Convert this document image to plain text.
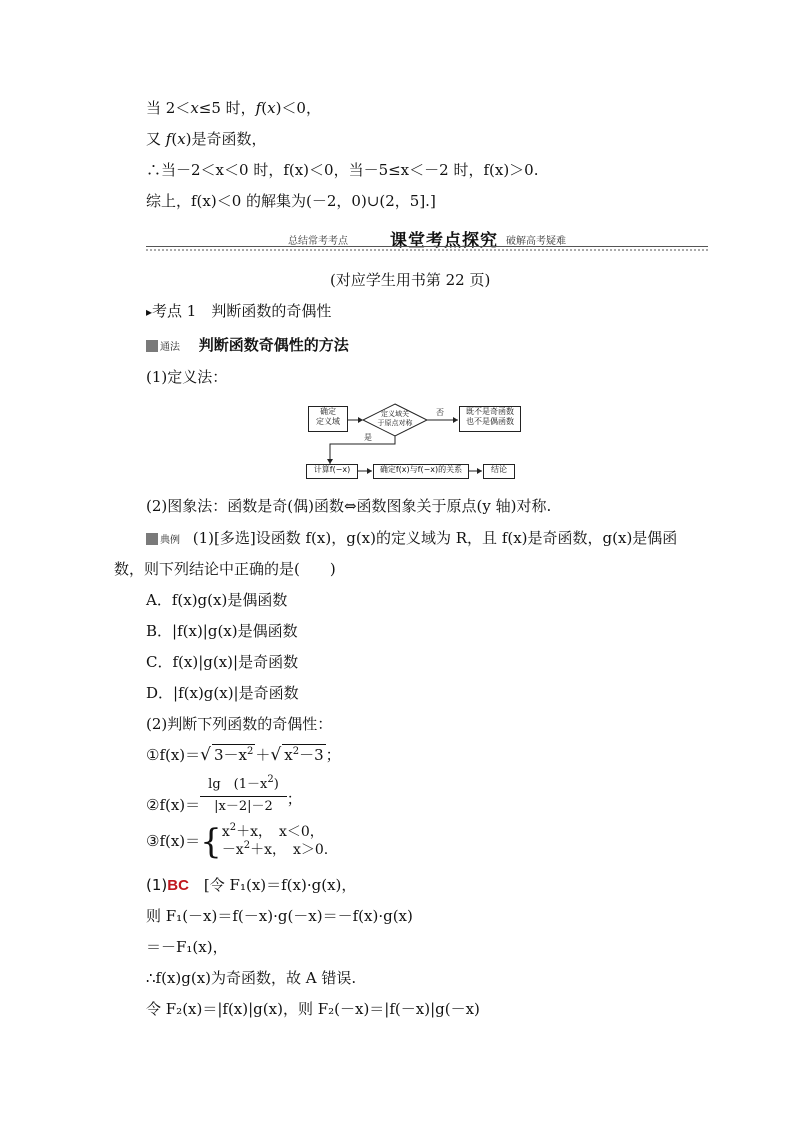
当 2＜x≤5 时，f(x)＜0，
又 f(x)是奇函数，
∴当－2＜x＜0 时，f(x)＜0，当－5≤x＜－2 时，f(x)＞0.
综上，f(x)＜0 的解集为(－2，0)∪(2，5].]
总结常考考点 课堂考点探究 破解高考疑难
(对应学生用书第 22 页)
▸考点 1　判断函数的奇偶性
通法 判断函数奇偶性的方法
(1)定义法：
确定
定义域
定义域关
于原点对称
否	既不是奇函数
也不是偶函数
是
计算f(−x)	确定f(x)与f(−x)的关系	结论
(2)图象法：函数是奇(偶)函数⇔函数图象关于原点(y 轴)对称.
典例 (1)[多选]设函数 f(x)，g(x)的定义域为 R，且 f(x)是奇函数，g(x)是偶函
数，则下列结论中正确的是(　　)
A．f(x)g(x)是偶函数
B．|f(x)|g(x)是偶函数
C．f(x)|g(x)|是奇函数
D．|f(x)g(x)|是奇函数
(2)判断下列函数的奇偶性：
①f(x)＝√ $3-x^2$ ＋√ $x^2-3$ ；
②f(x)＝ $\frac{\lg (1-x^2)}{|x-2|-2}$ ；
③f(x)＝{ $x^2+x$，　x＜0，
$-x^2+x$，　x＞0.
(1)BC　[令 F₁(x)＝f(x)·g(x)，
则 F₁(－x)＝f(－x)·g(－x)＝－f(x)·g(x)
＝－F₁(x)，
∴f(x)g(x)为奇函数，故 A 错误.
令 F₂(x)＝|f(x)|g(x)，则 F₂(－x)＝|f(－x)|g(－x)
